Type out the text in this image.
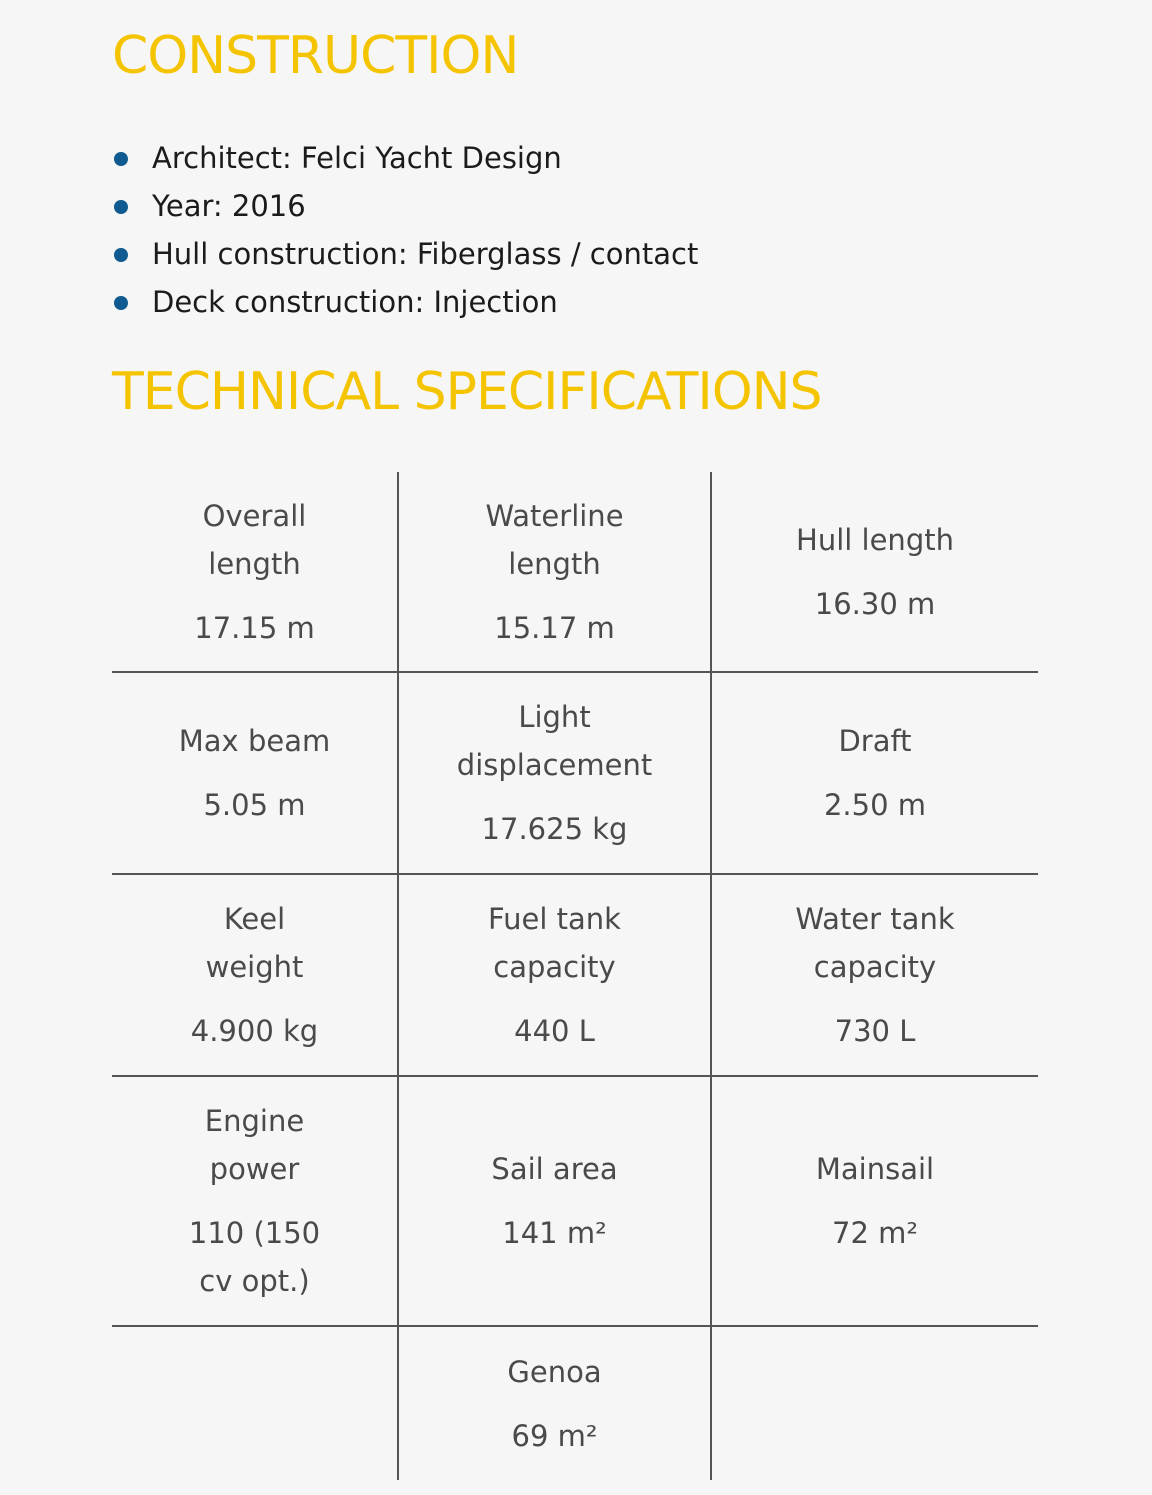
CONSTRUCTION
Architect: Felci Yacht Design
Year: 2016
Hull construction: Fiberglass / contact
Deck construction: Injection
TECHNICAL SPECIFICATIONS
Overall length
17.15 m
Waterline length
15.17 m
Hull length
16.30 m
Max beam
5.05 m
Light displacement
17.625 kg
Draft
2.50 m
Keel weight
4.900 kg
Fuel tank capacity
440 L
Water tank capacity
730 L
Engine power
110 (150 cv opt.)
Sail area
141 m²
Mainsail
72 m²
Genoa
69 m²
